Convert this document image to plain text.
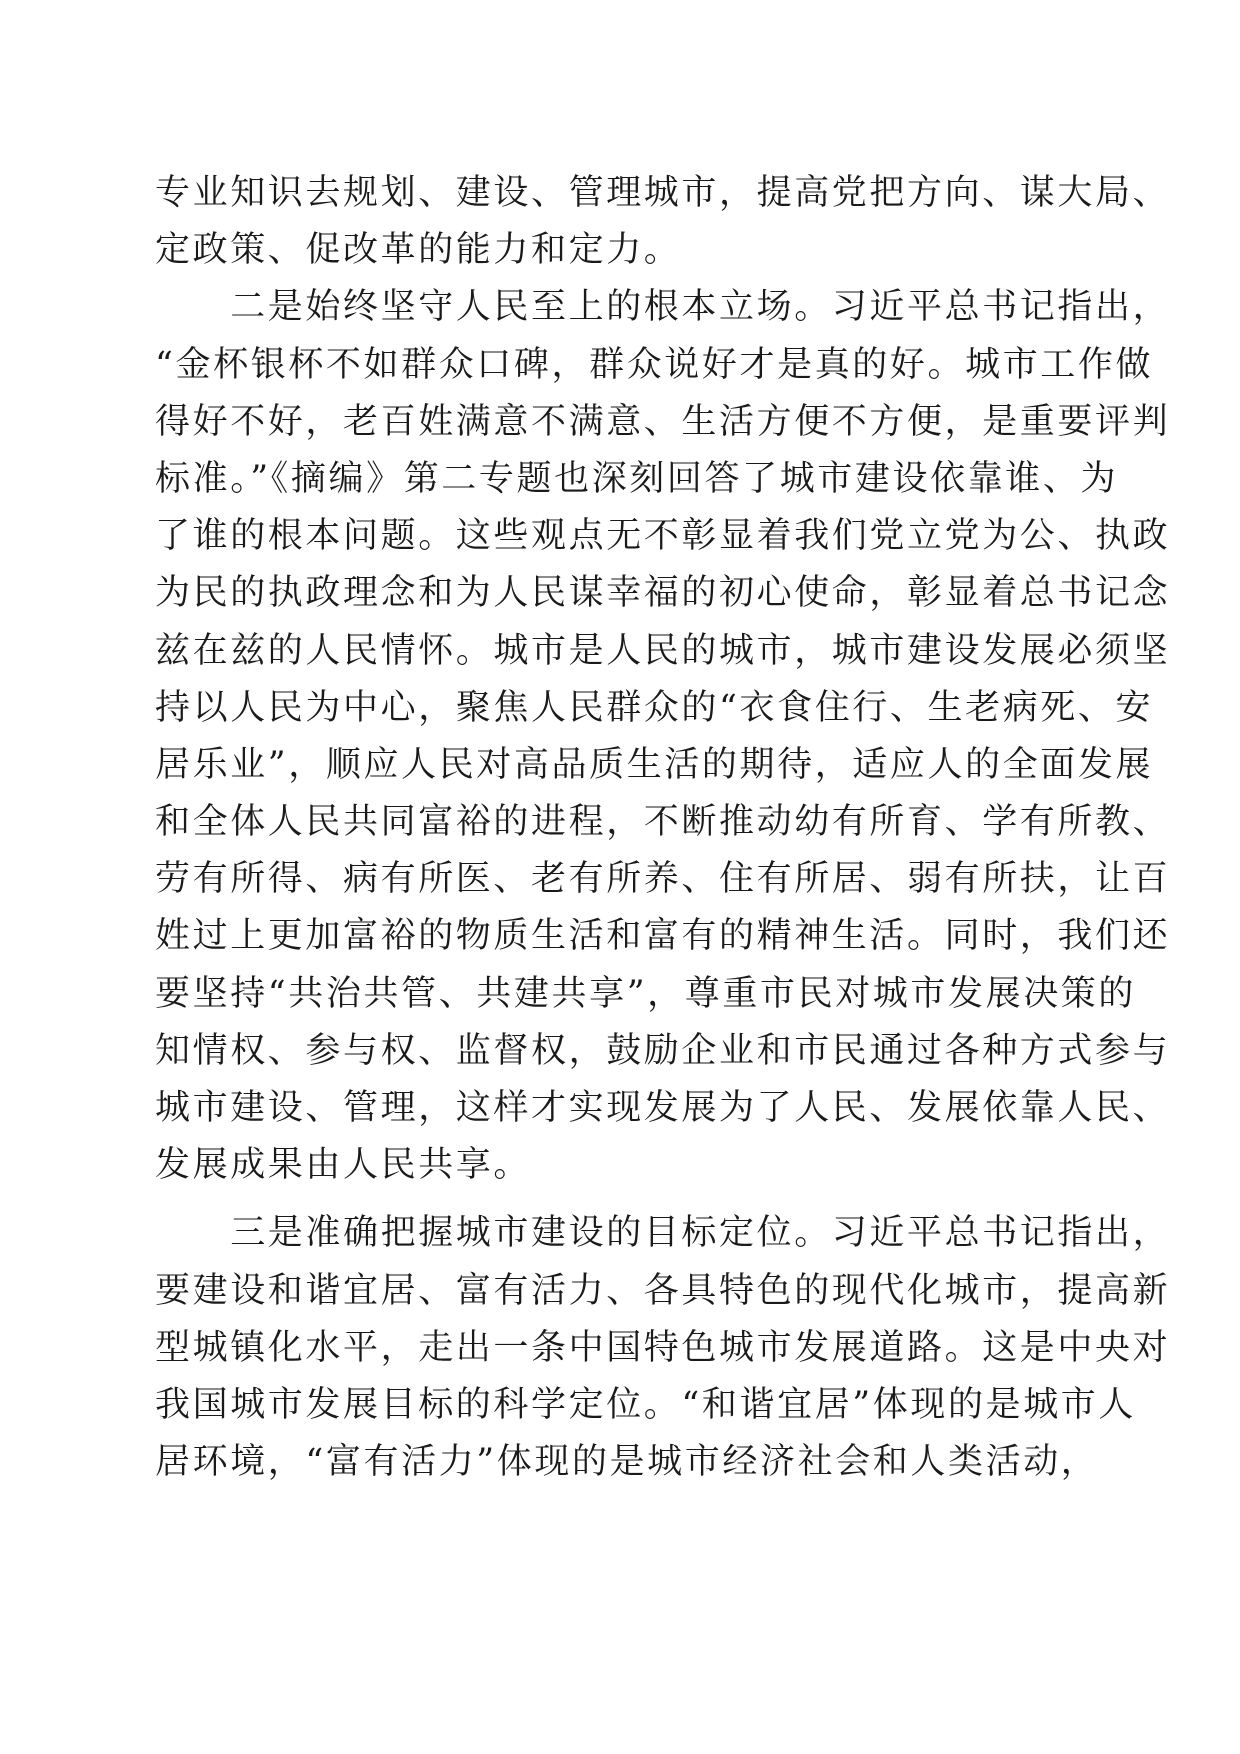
专业知识去规划、建设、管理城市，提高党把方向、谋大局、
定政策、促改革的能力和定力。
　　二是始终坚守人民至上的根本立场。习近平总书记指出，
“金杯银杯不如群众口碑，群众说好才是真的好。城市工作做
得好不好，老百姓满意不满意、生活方便不方便，是重要评判
标准。”《摘编》第二专题也深刻回答了城市建设依靠谁、为
了谁的根本问题。这些观点无不彰显着我们党立党为公、执政
为民的执政理念和为人民谋幸福的初心使命，彰显着总书记念
兹在兹的人民情怀。城市是人民的城市，城市建设发展必须坚
持以人民为中心，聚焦人民群众的“衣食住行、生老病死、安
居乐业”，顺应人民对高品质生活的期待，适应人的全面发展
和全体人民共同富裕的进程，不断推动幼有所育、学有所教、
劳有所得、病有所医、老有所养、住有所居、弱有所扶，让百
姓过上更加富裕的物质生活和富有的精神生活。同时，我们还
要坚持“共治共管、共建共享”，尊重市民对城市发展决策的
知情权、参与权、监督权，鼓励企业和市民通过各种方式参与
城市建设、管理，这样才实现发展为了人民、发展依靠人民、
发展成果由人民共享。
　　三是准确把握城市建设的目标定位。习近平总书记指出，
要建设和谐宜居、富有活力、各具特色的现代化城市，提高新
型城镇化水平，走出一条中国特色城市发展道路。这是中央对
我国城市发展目标的科学定位。“和谐宜居”体现的是城市人
居环境，“富有活力”体现的是城市经济社会和人类活动，
